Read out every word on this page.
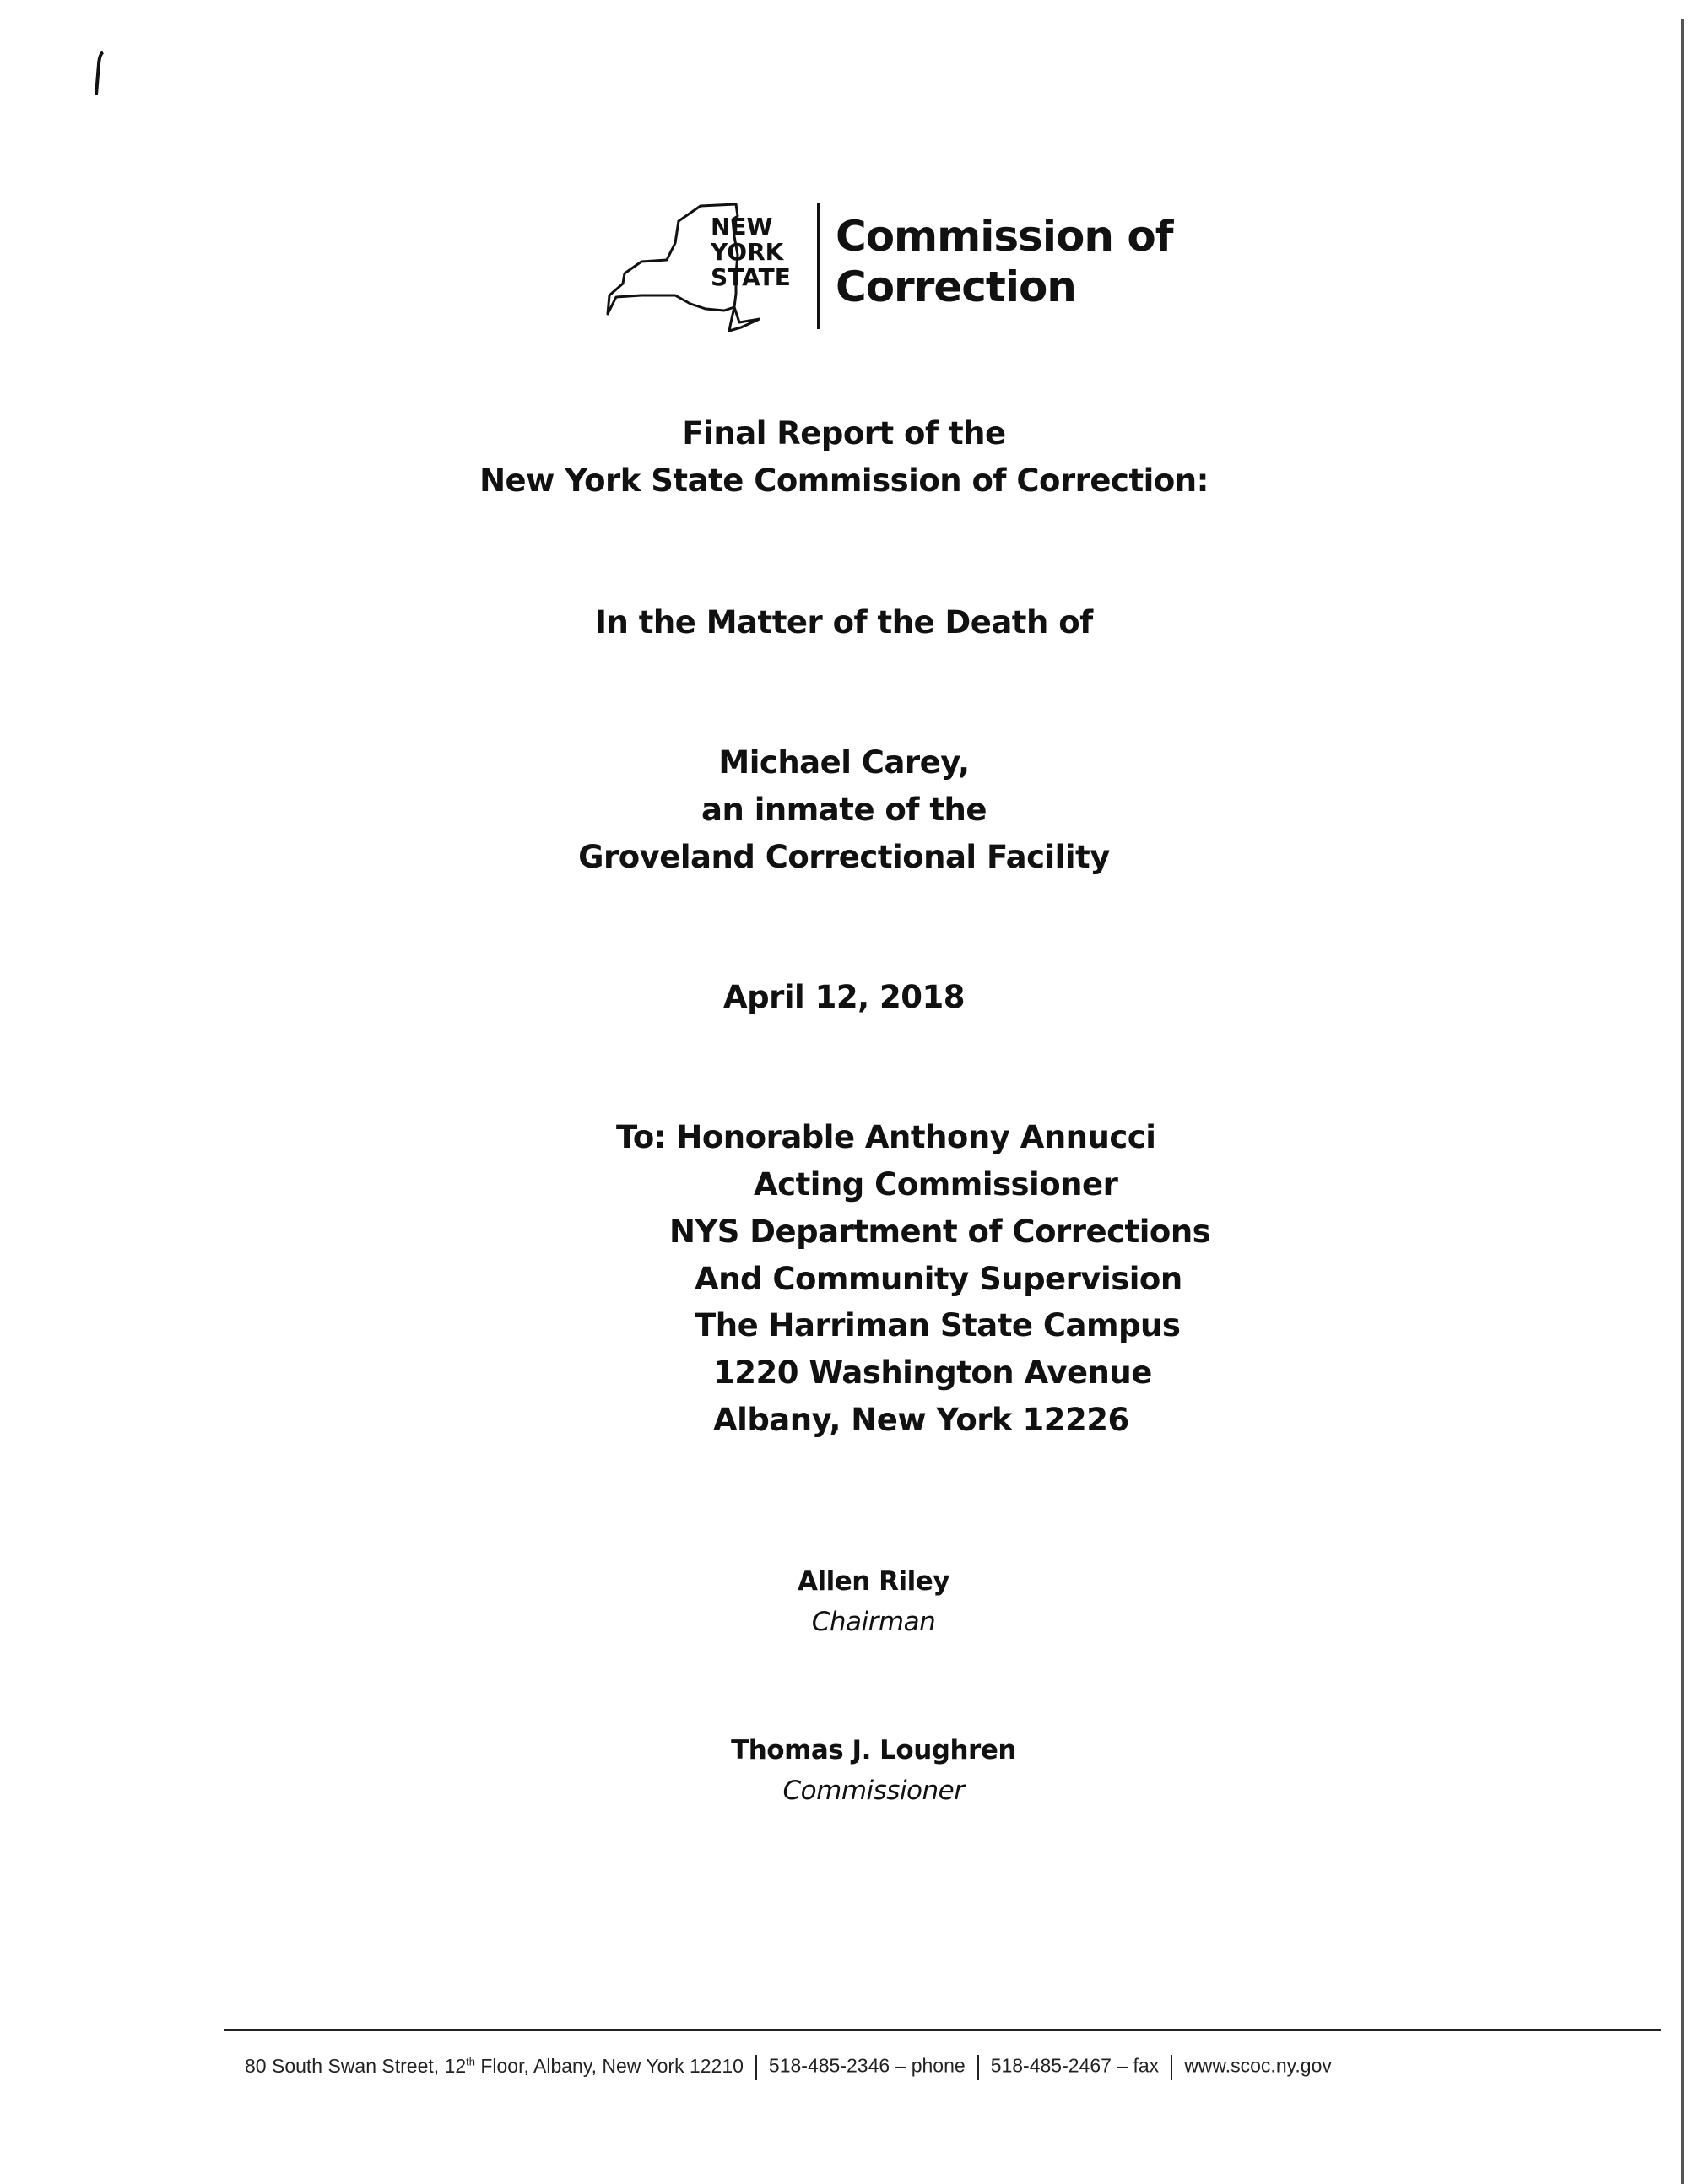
NEW
YORK
STATE
Commission of
Correction
Final Report of the
New York State Commission of Correction:
In the Matter of the Death of
Michael Carey,
an inmate of the
Groveland Correctional Facility
April 12, 2018
To: Honorable Anthony Annucci
Acting Commissioner
NYS Department of Corrections
And Community Supervision
The Harriman State Campus
1220 Washington Avenue
Albany, New York 12226
Allen Riley
Chairman
Thomas J. Loughren
Commissioner
80 South Swan Street, 12th Floor, Albany, New York 12210 518-485-2346 – phone 518-485-2467 – fax www.scoc.ny.gov
